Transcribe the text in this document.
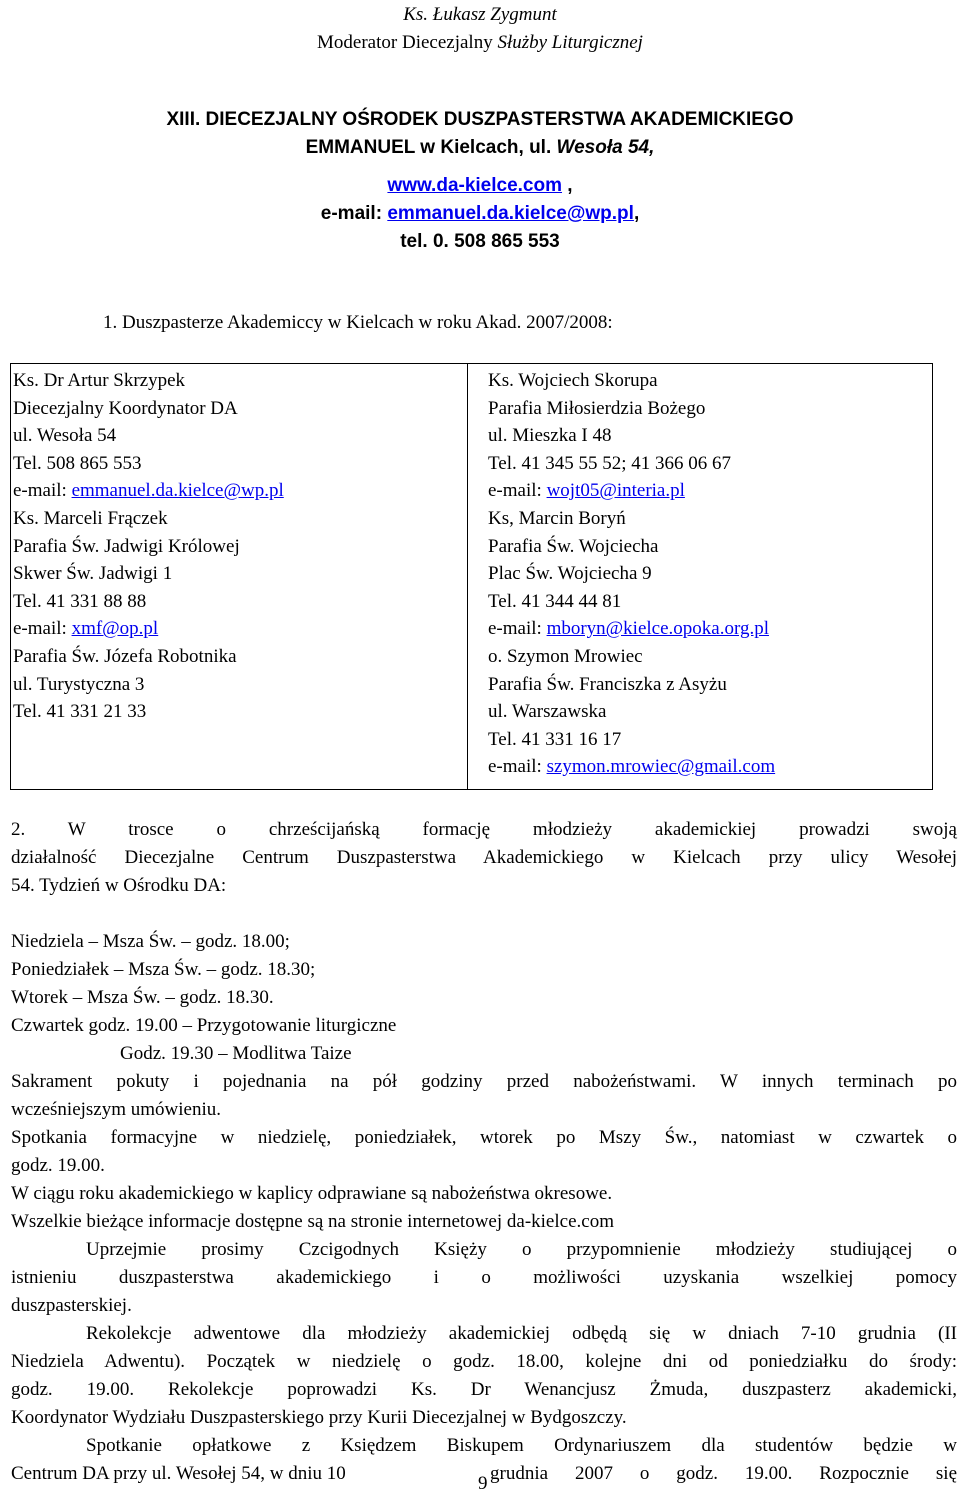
Ks. Łukasz Zygmunt
Moderator Diecezjalny Służby Liturgicznej
XIII. DIECEZJALNY OŚRODEK DUSZPASTERSTWA AKADEMICKIEGO
EMMANUEL w Kielcach, ul. Wesoła 54,
www.da-kielce.com ,
e-mail: emmanuel.da.kielce@wp.pl,
tel. 0. 508 865 553
1. Duszpasterze Akademiccy w Kielcach w roku Akad. 2007/2008:
Ks. Dr Artur Skrzypek
Diecezjalny Koordynator DA
ul. Wesoła 54
Tel. 508 865 553
e-mail: emmanuel.da.kielce@wp.pl
Ks. Marceli Frączek
Parafia Św. Jadwigi Królowej
Skwer Św. Jadwigi 1
Tel. 41 331 88 88
e-mail: xmf@op.pl
Parafia Św. Józefa Robotnika
ul. Turystyczna 3
Tel. 41 331 21 33
Ks. Wojciech Skorupa
Parafia Miłosierdzia Bożego
ul. Mieszka I 48
Tel. 41 345 55 52; 41 366 06 67
e-mail: wojt05@interia.pl
Ks, Marcin Boryń
Parafia Św. Wojciecha
Plac Św. Wojciecha 9
Tel. 41 344 44 81
e-mail: mboryn@kielce.opoka.org.pl
o. Szymon Mrowiec
Parafia Św. Franciszka z Asyżu
ul. Warszawska
Tel. 41 331 16 17
e-mail: szymon.mrowiec@gmail.com
2. W trosce o chrześcijańską formację młodzieży akademickiej prowadzi swoją
działalność Diecezjalne Centrum Duszpasterstwa Akademickiego w Kielcach przy ulicy Wesołej
54. Tydzień w Ośrodku DA:
Niedziela – Msza Św. – godz. 18.00;
Poniedziałek – Msza Św. – godz. 18.30;
Wtorek – Msza Św. – godz. 18.30.
Czwartek godz. 19.00 – Przygotowanie liturgiczne
Godz. 19.30 – Modlitwa Taize
Sakrament pokuty i pojednania na pół godziny przed nabożeństwami. W innych terminach po
wcześniejszym umówieniu.
Spotkania formacyjne w niedzielę, poniedziałek, wtorek po Mszy Św., natomiast w czwartek o
godz. 19.00.
W ciągu roku akademickiego w kaplicy odprawiane są nabożeństwa okresowe.
Wszelkie bieżące informacje dostępne są na stronie internetowej da-kielce.com
Uprzejmie prosimy Czcigodnych Księży o przypomnienie młodzieży studiującej o
istnieniu duszpasterstwa akademickiego i o możliwości uzyskania wszelkiej pomocy
duszpasterskiej.
Rekolekcje adwentowe dla młodzieży akademickiej odbędą się w dniach 7-10 grudnia (II
Niedziela Adwentu). Początek w niedzielę o godz. 18.00, kolejne dni od poniedziałku do środy:
godz. 19.00. Rekolekcje poprowadzi Ks. Dr Wenancjusz Żmuda, duszpasterz akademicki,
Koordynator Wydziału Duszpasterskiego przy Kurii Diecezjalnej w Bydgoszczy.
Spotkanie opłatkowe z Księdzem Biskupem Ordynariuszem dla studentów będzie w
Centrum DA przy ul. Wesołej 54, w dniu 10	grudnia 2007 o godz. 19.00. Rozpocznie się
9
